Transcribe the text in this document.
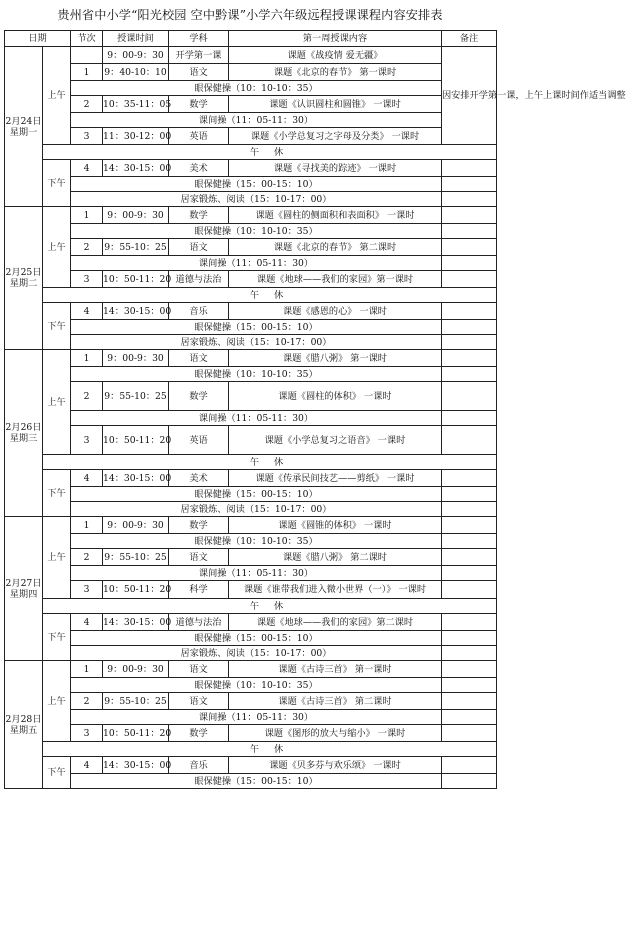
贵州省中小学“阳光校园 空中黔课”小学六年级远程授课课程内容安排表
日期		节次	授课时间	学科	第一周授课内容	备注
2月24日
星期一	上午		9：00-9：30	开学第一课	课题《战疫情 爱无疆》	因安排开学第一课，上午上课时间作适当调整
		1	9：40-10：10	语文	课题《北京的春节》 第一课时	
		眼保健操（10：10-10：35）				
		2	10：35-11：05	数学	课题《认识圆柱和圆锥》 一课时	
		课间操（11：05-11：30）				
		3	11：30-12：00	英语	课题《小学总复习之字母及分类》 一课时	
	午 休					
	下午	4	14：30-15：00	美术	课题《寻找美的踪迹》 一课时	
		眼保健操（15：00-15：10）				
		居家锻炼、阅读（15：10-17：00）				
2月25日
星期二	上午	1	9：00-9：30	数学	课题《圆柱的侧面积和表面积》 一课时	
		眼保健操（10：10-10：35）				
		2	9：55-10：25	语文	课题《北京的春节》 第二课时	
		课间操（11：05-11：30）				
		3	10：50-11：20	道德与法治	课题《地球——我们的家园》第一课时	
	午 休					
	下午	4	14：30-15：00	音乐	课题《感恩的心》 一课时	
		眼保健操（15：00-15：10）				
		居家锻炼、阅读（15：10-17：00）				
2月26日
星期三	上午	1	9：00-9：30	语文	课题《腊八粥》 第一课时	
		眼保健操（10：10-10：35）				
		2	9：55-10：25	数学	课题《圆柱的体积》 一课时	
		课间操（11：05-11：30）				
		3	10：50-11：20	英语	课题《小学总复习之语音》 一课时	
	午 休					
	下午	4	14：30-15：00	美术	课题《传承民间技艺——剪纸》 一课时	
		眼保健操（15：00-15：10）				
		居家锻炼、阅读（15：10-17：00）				
2月27日
星期四	上午	1	9：00-9：30	数学	课题《圆锥的体积》 一课时	
		眼保健操（10：10-10：35）				
		2	9：55-10：25	语文	课题《腊八粥》 第二课时	
		课间操（11：05-11：30）				
		3	10：50-11：20	科学	课题《谁带我们进入微小世界（一）》 一课时	
	午 休					
	下午	4	14：30-15：00	道德与法治	课题《地球——我们的家园》第二课时	
		眼保健操（15：00-15：10）				
		居家锻炼、阅读（15：10-17：00）				
2月28日
星期五	上午	1	9：00-9：30	语文	课题《古诗三首》 第一课时	
		眼保健操（10：10-10：35）				
		2	9：55-10：25	语文	课题《古诗三首》 第二课时	
		课间操（11：05-11：30）				
		3	10：50-11：20	数学	课题《图形的放大与缩小》 一课时	
	午 休					
	下午	4	14：30-15：00	音乐	课题《贝多芬与欢乐颂》 一课时	
		眼保健操（15：00-15：10）				
